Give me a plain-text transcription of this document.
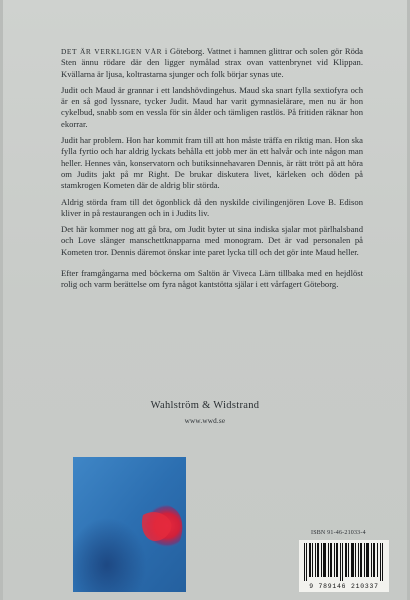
DET ÄR VERKLIGEN VÅR i Göteborg. Vattnet i hamnen glittrar och solen gör Röda Sten ännu rödare där den ligger nymålad strax ovan vattenbrynet vid Klippan. Kvällarna är ljusa, koltrastarna sjunger och folk börjar synas ute.

Judit och Maud är grannar i ett landshövdingehus. Maud ska snart fylla sextiofyra och är en så god lyssnare, tycker Judit. Maud har varit gymnasielärare, men nu är hon cykelbud, snabb som en vessla för sin ålder och tämligen rastlös. På fritiden räknar hon ekorrar.

Judit har problem. Hon har kommit fram till att hon måste träffa en riktig man. Hon ska fylla fyrtio och har aldrig lyckats behålla ett jobb mer än ett halvår och inte någon man heller. Hennes vän, konservatorn och butiksinnehavaren Dennis, är rätt trött på att höra om Judits jakt på mr Right. De brukar diskutera livet, kärleken och döden på stamkrogen Kometen där de aldrig blir störda.

Aldrig störda fram till det ögonblick då den nyskilde civilingenjören Love B. Edison kliver in på restaurangen och in i Judits liv.

Det här kommer nog att gå bra, om Judit byter ut sina indiska sjalar mot pärlhalsband och Love slänger manschettknapparna med monogram. Det är vad personalen på Kometen tror. Dennis däremot önskar inte paret lycka till och det gör inte Maud heller.

Efter framgångarna med böckerna om Saltön är Viveca Lärn tillbaka med en hejdlöst rolig och varm berättelse om fyra något kantstötta själar i ett vårfagert Göteborg.

Wahlström & Widstrand
www.wwd.se
ISBN 91-46-21033-4
9 789146 210337
